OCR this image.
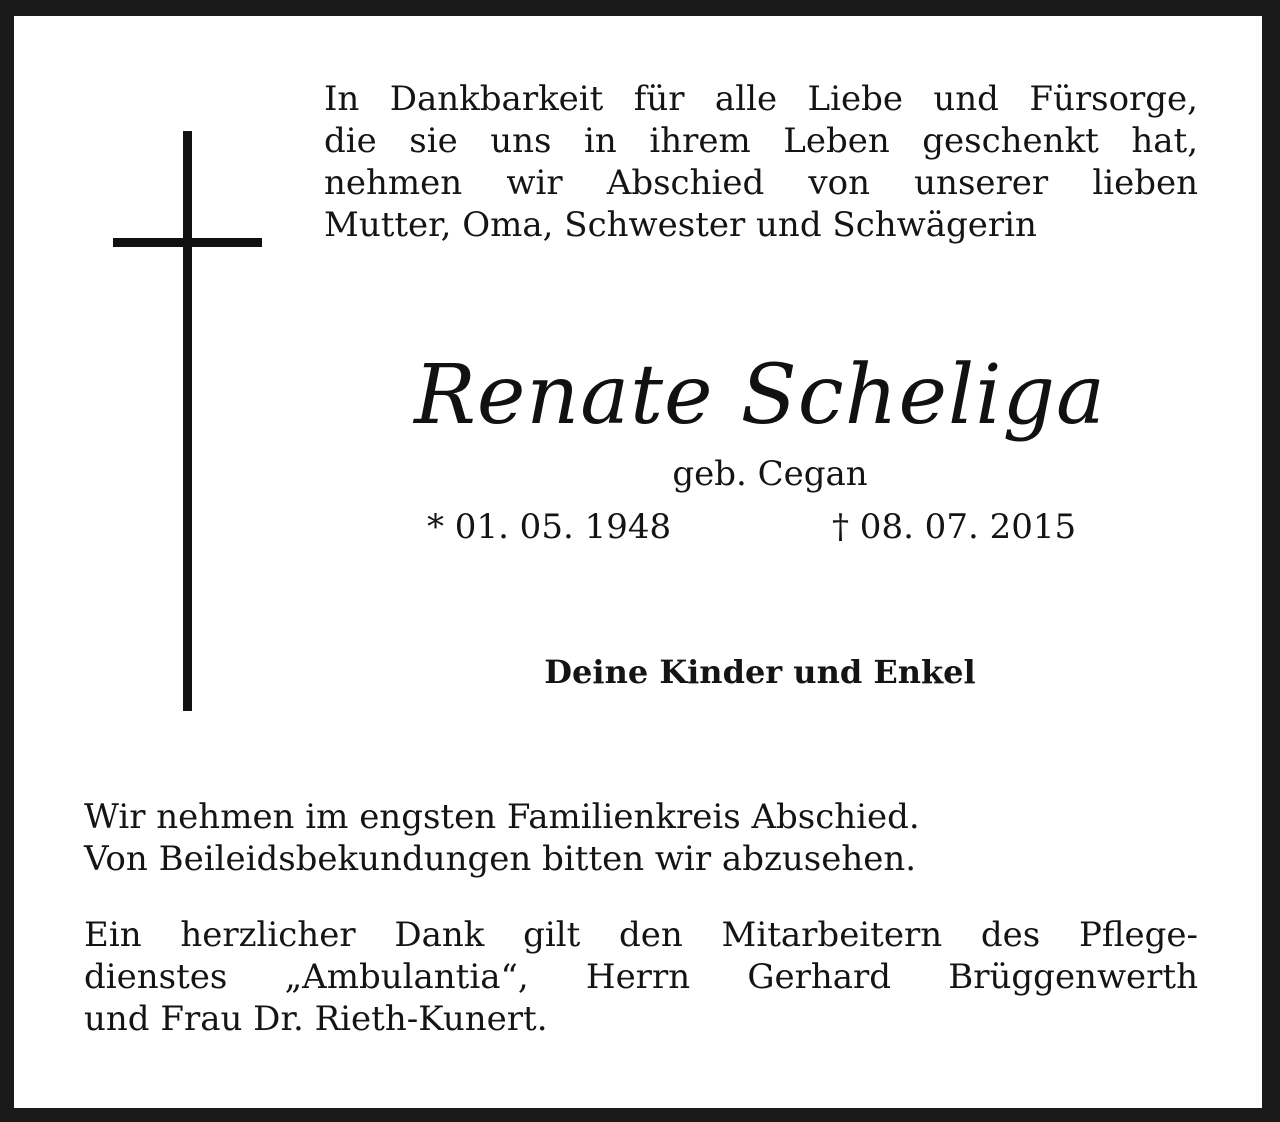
In Dankbarkeit für alle Liebe und Fürsorge,
die sie uns in ihrem Leben geschenkt hat,
nehmen wir Abschied von unserer lieben
Mutter, Oma, Schwester und Schwägerin
Renate Scheliga
geb. Cegan
* 01. 05. 1948	† 08. 07. 2015
Deine Kinder und Enkel
Wir nehmen im engsten Familienkreis Abschied.
Von Beileidsbekundungen bitten wir abzusehen.
Ein herzlicher Dank gilt den Mitarbeitern des Pflege-
dienstes „Ambulantia“, Herrn Gerhard Brüggenwerth
und Frau Dr. Rieth-Kunert.
